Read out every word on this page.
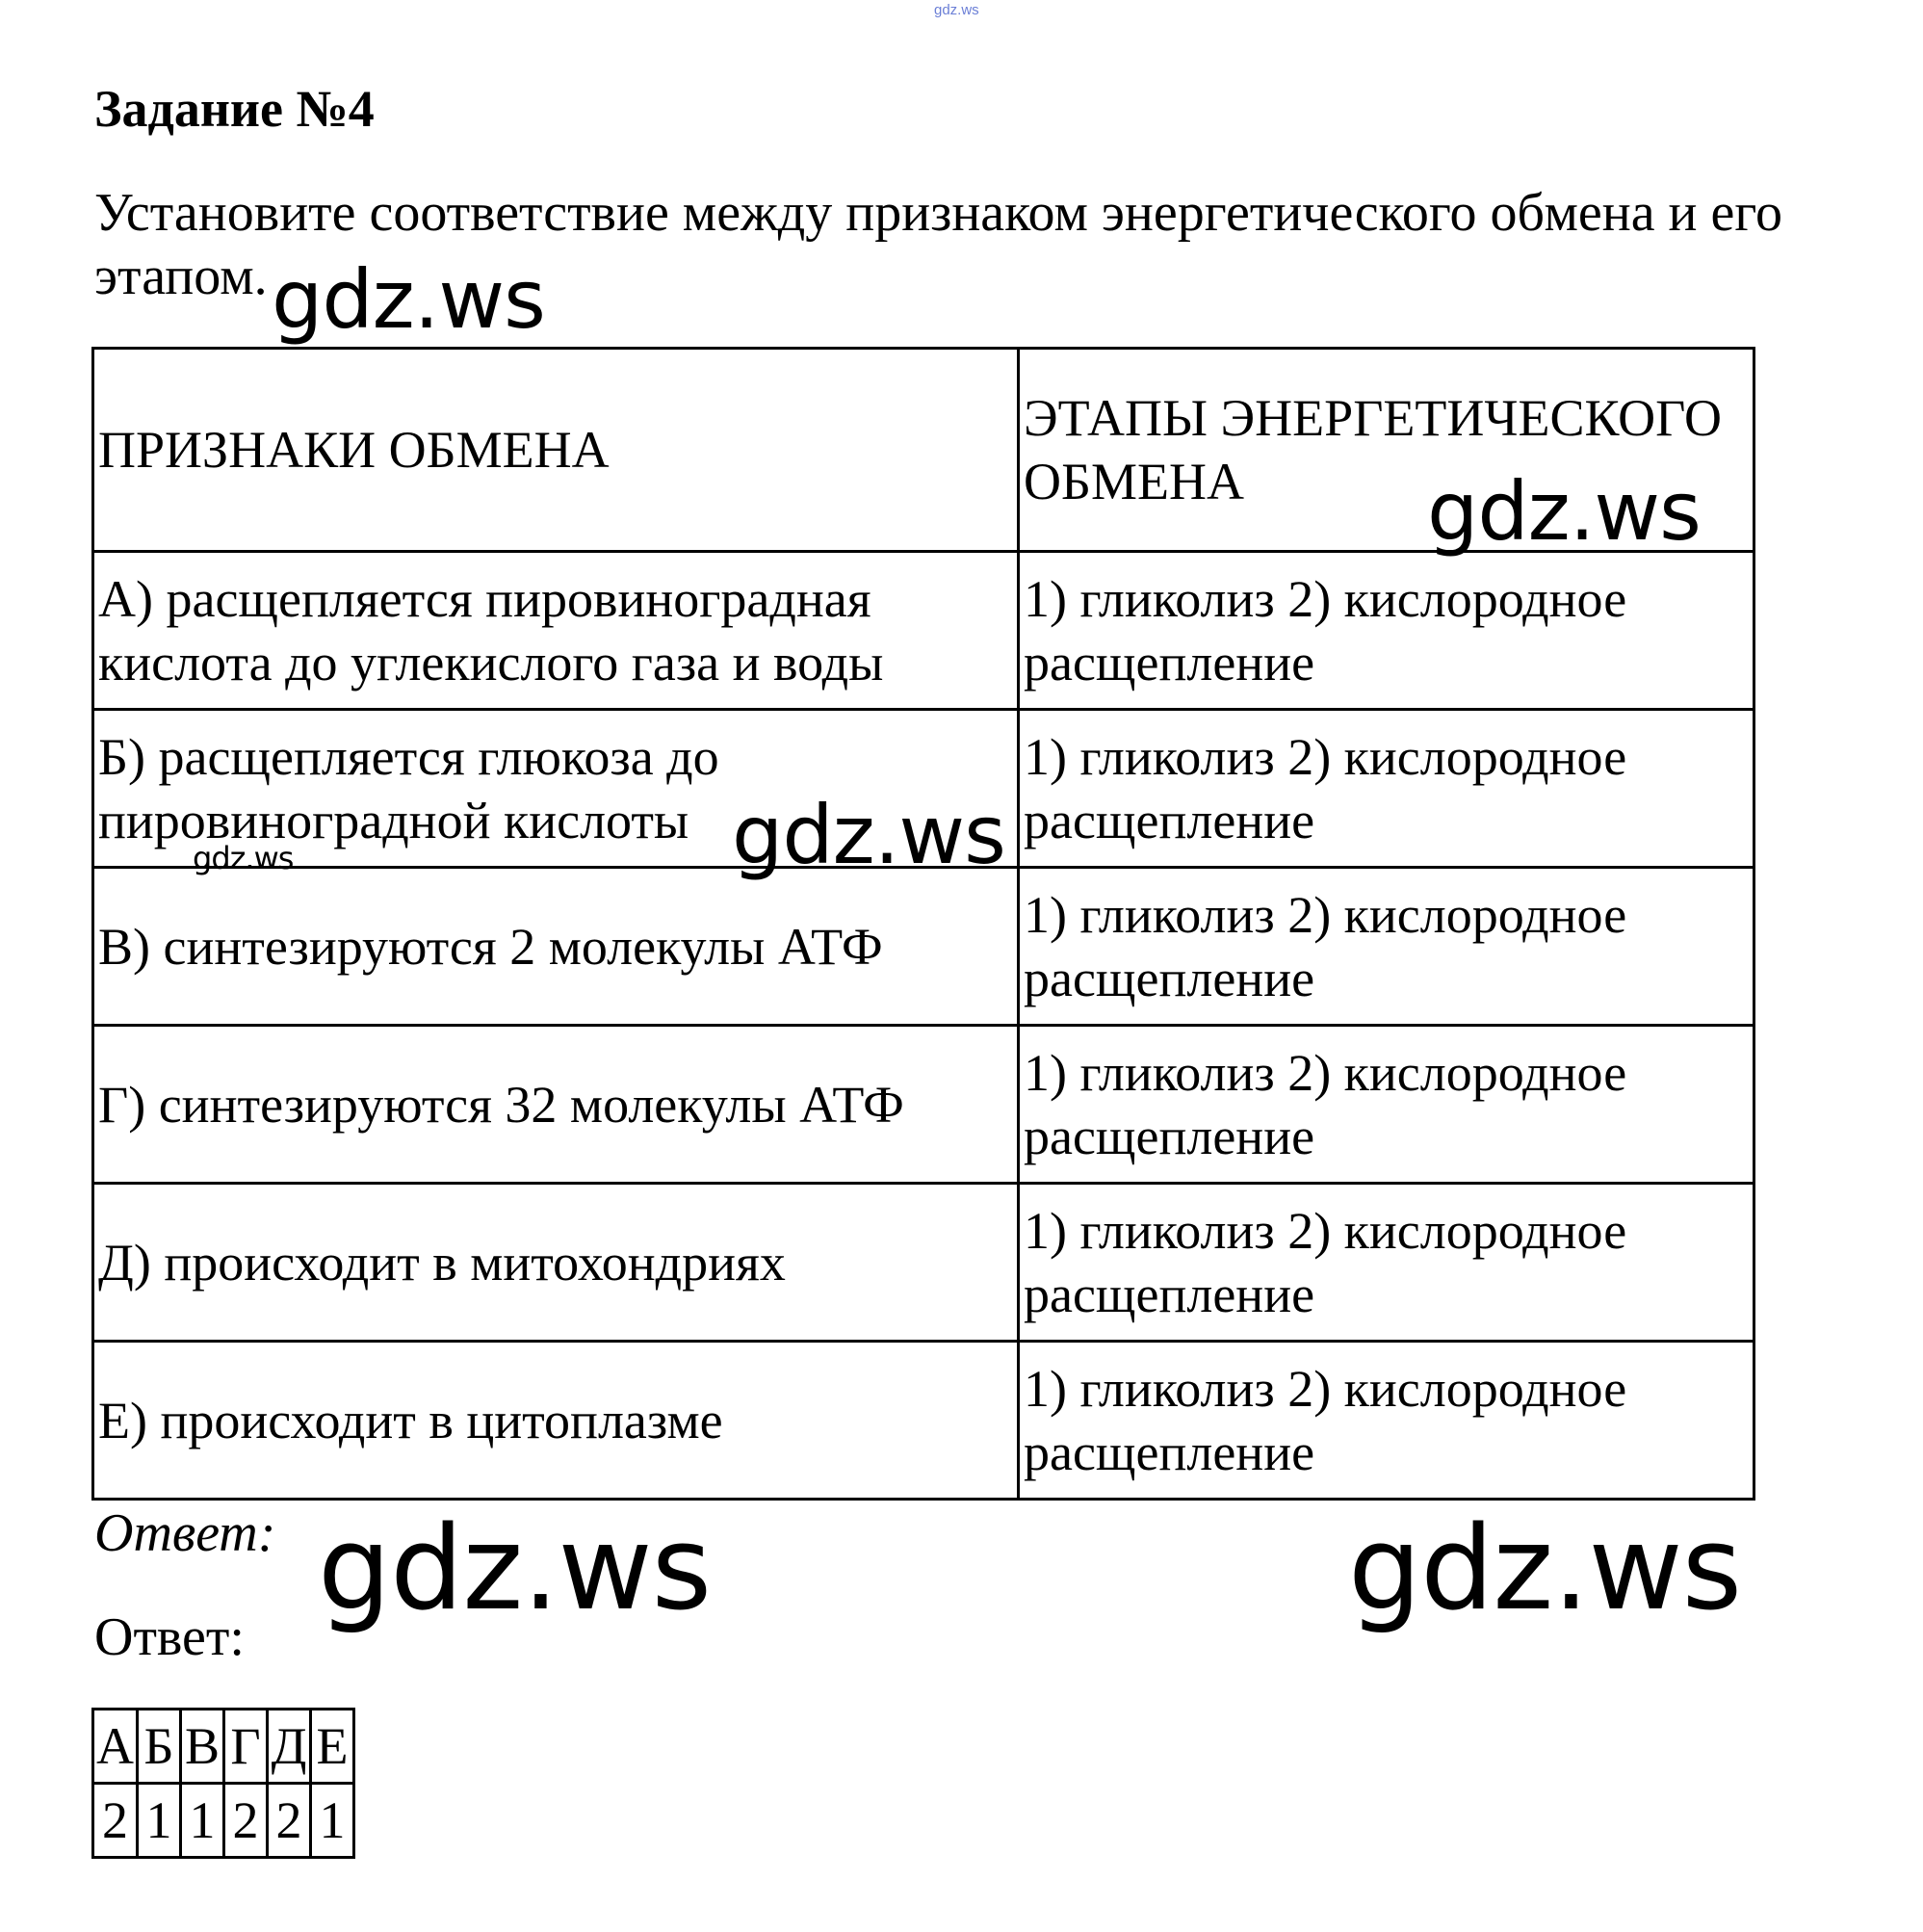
gdz.ws
Задание №4
Установите соответствие между признаком энергетического обмена и его этапом.
ПРИЗНАКИ ОБМЕНА	ЭТАПЫ ЭНЕРГЕТИЧЕСКОГО ОБМЕНА
А) расщепляется пировиноградная кислота до углекислого газа и воды	1) гликолиз 2) кислородное расщепление
Б) расщепляется глюкоза до пировиноградной кислоты	1) гликолиз 2) кислородное расщепление
В) синтезируются 2 молекулы АТФ	1) гликолиз 2) кислородное расщепление
Г) синтезируются 32 молекулы АТФ	1) гликолиз 2) кислородное расщепление
Д) происходит в митохондриях	1) гликолиз 2) кислородное расщепление
Е) происходит в цитоплазме	1) гликолиз 2) кислородное расщепление
gdz.ws
gdz.ws
gdz.ws
gdz.ws
Ответ: gdz.ws	gdz.ws
Ответ:
А	Б	В	Г	Д	Е
2	1	1	2	2	1
